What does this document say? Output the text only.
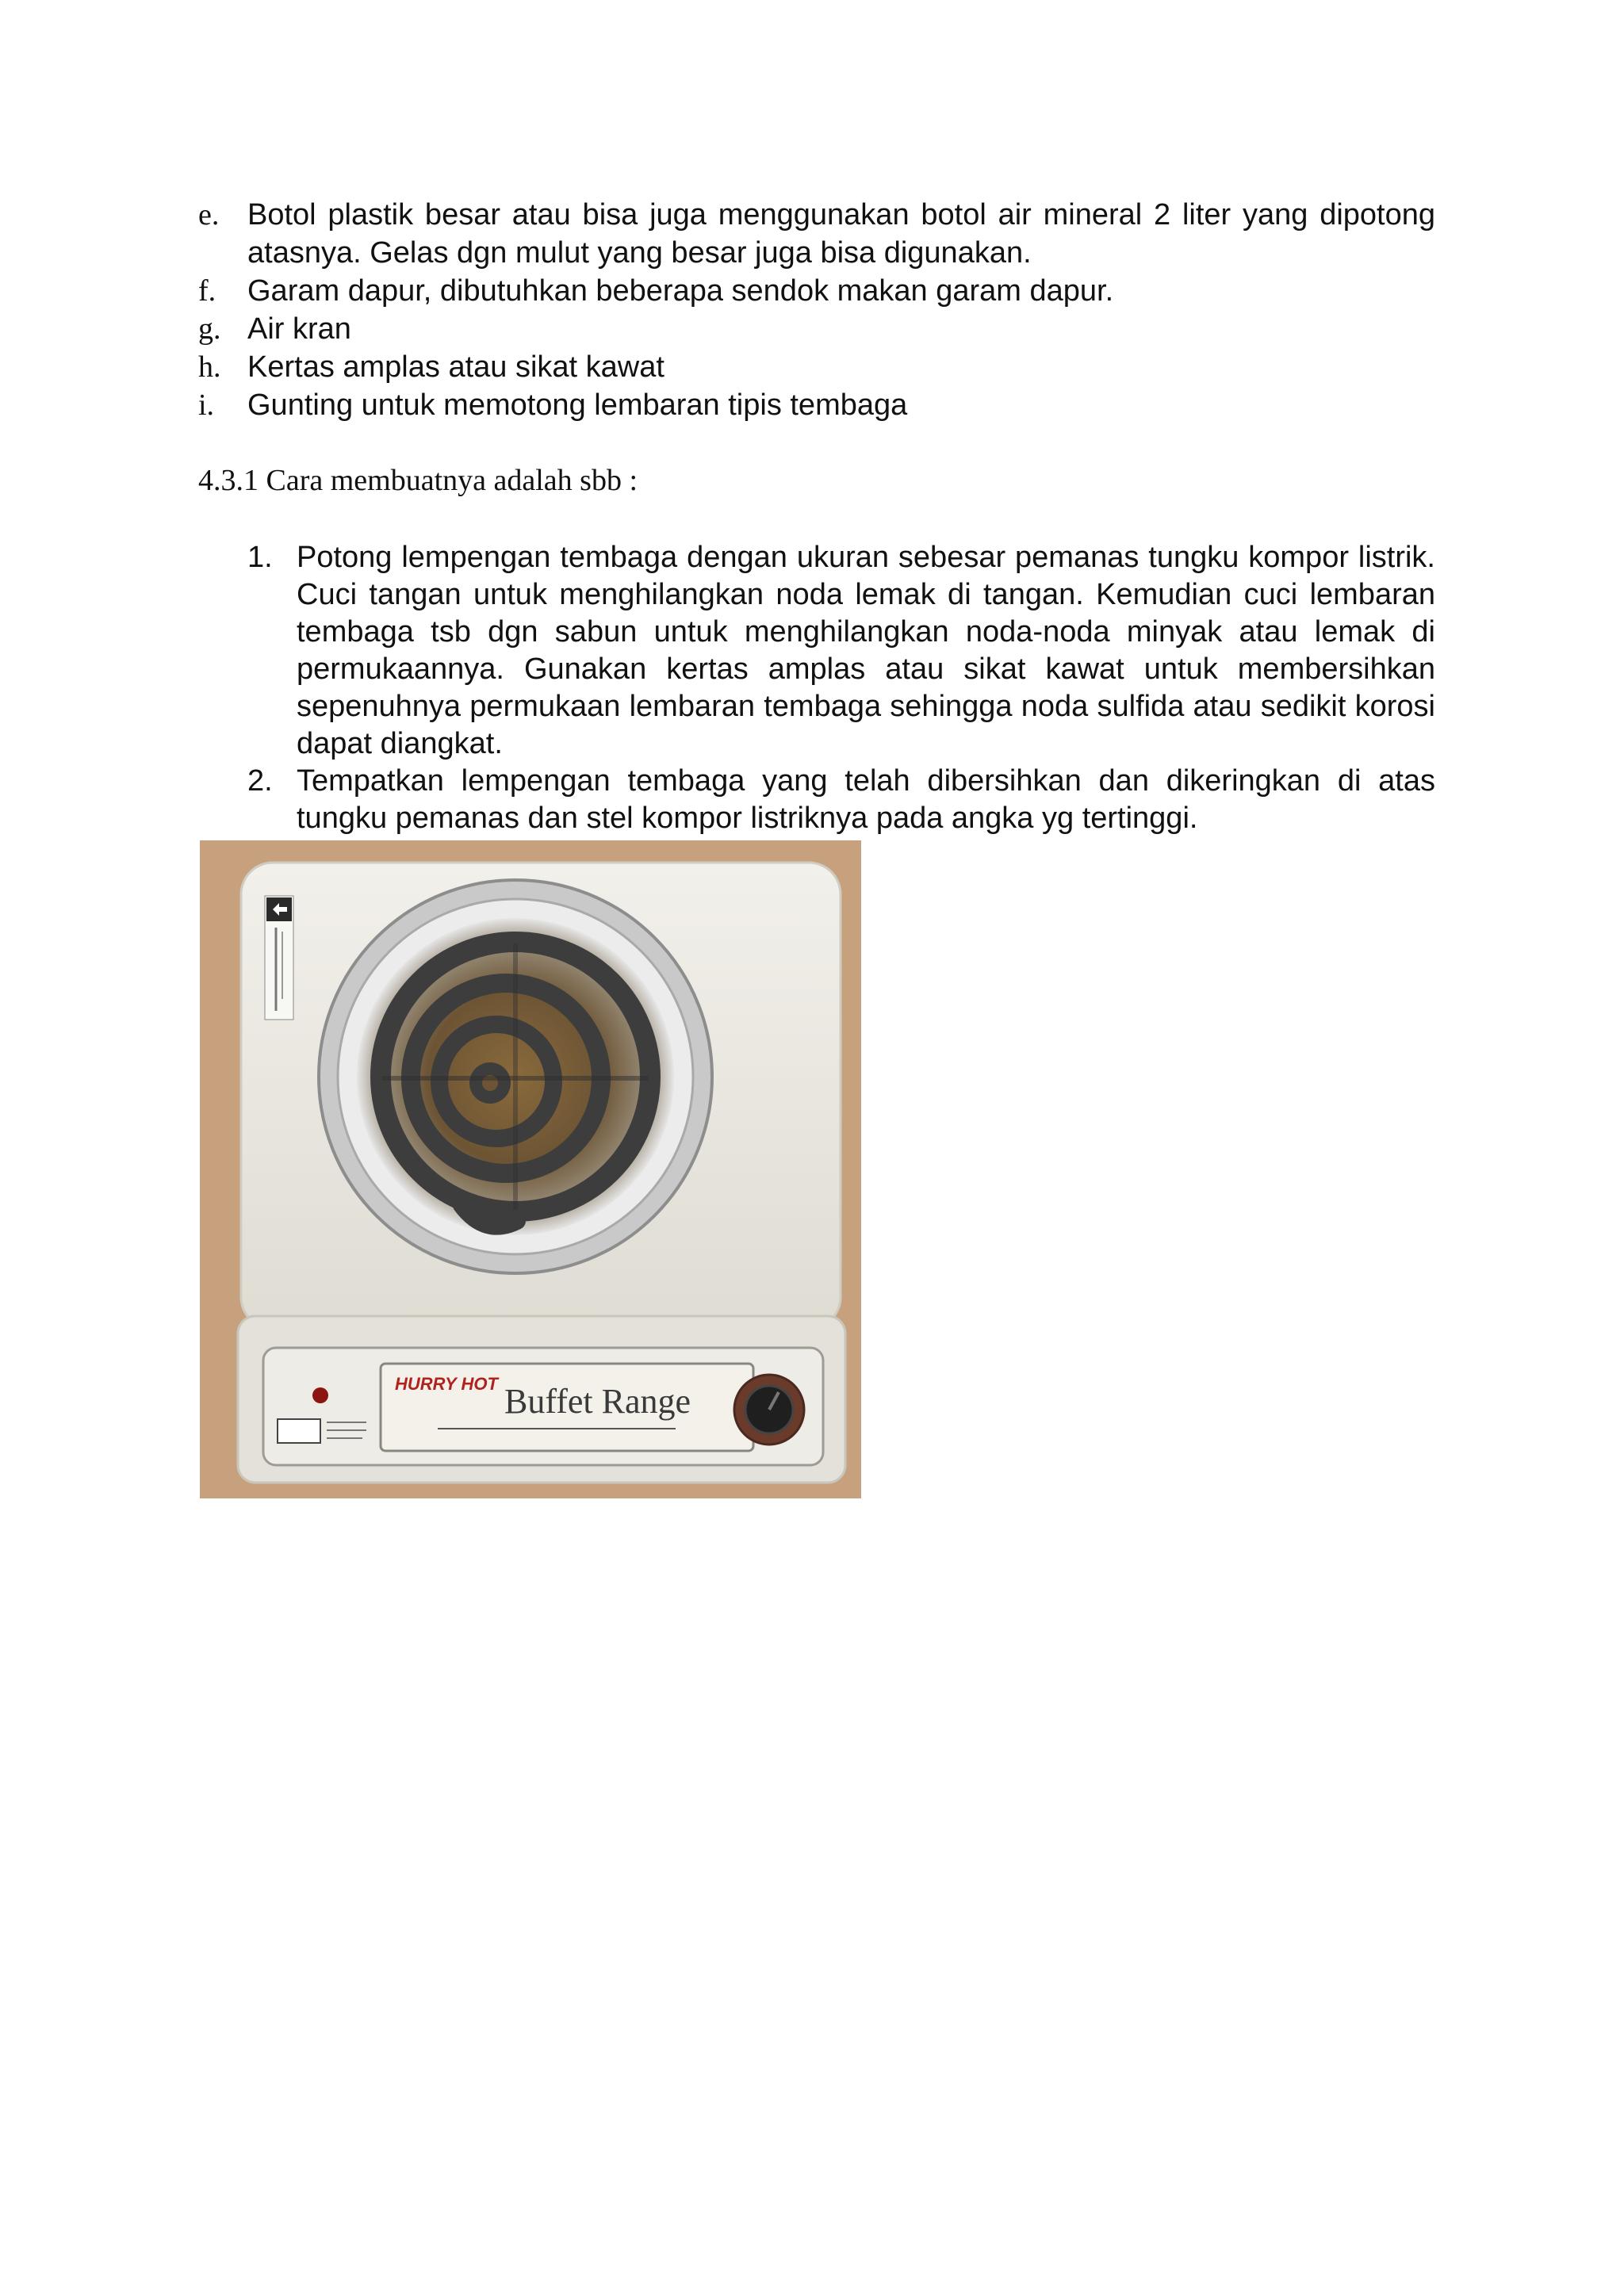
e. Botol plastik besar atau bisa juga menggunakan botol air mineral 2 liter yang dipotong atasnya. Gelas dgn mulut yang besar juga bisa digunakan.
f. Garam dapur, dibutuhkan beberapa sendok makan garam dapur.
g. Air kran
h. Kertas amplas atau sikat kawat
i. Gunting untuk memotong lembaran tipis tembaga
4.3.1 Cara membuatnya adalah sbb :
1. Potong lempengan tembaga dengan ukuran sebesar pemanas tungku kompor listrik. Cuci tangan untuk menghilangkan noda lemak di tangan. Kemudian cuci lembaran tembaga tsb dgn sabun untuk menghilangkan noda-noda minyak atau lemak di permukaannya. Gunakan kertas amplas atau sikat kawat untuk membersihkan sepenuhnya permukaan lembaran tembaga sehingga noda sulfida atau sedikit korosi dapat diangkat.
2. Tempatkan lempengan tembaga yang telah dibersihkan dan dikeringkan di atas tungku pemanas dan stel kompor listriknya pada angka yg tertinggi.
HURRY HOT Buffet Range
